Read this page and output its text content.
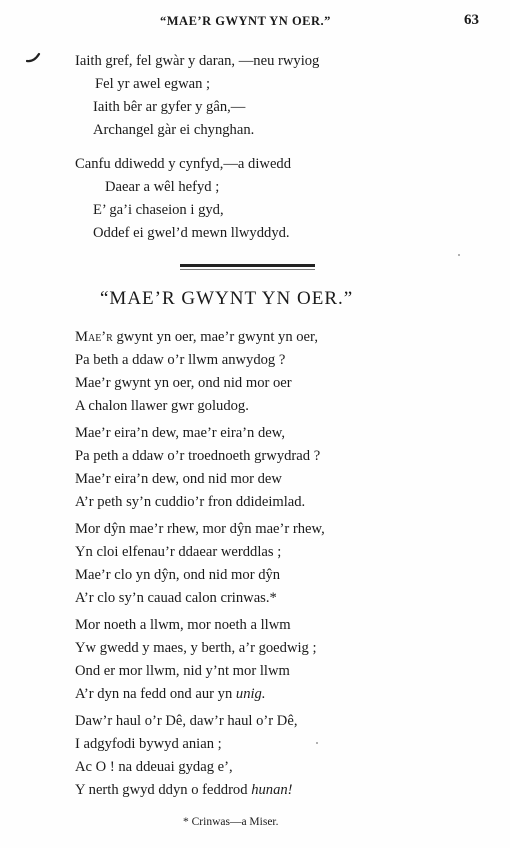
“MAE’R GWYNT YN OER.”	63
Iaith gref, fel gwàr y daran, —neu rwyiog
Fel yr awel egwan ;
Iaith bêr ar gyfer y gân,—
Archangel gàr ei chynghan.
Canfu ddiwedd y cynfyd,—a diwedd
Daear a wêl hefyd ;
E’ ga’i chaseion i gyd,
Oddef ei gwel’d mewn llwyddyd.
“MAE’R GWYNT YN OER.”
Mae’r gwynt yn oer, mae’r gwynt yn oer,
Pa beth a ddaw o’r llwm anwydog ?
Mae’r gwynt yn oer, ond nid mor oer
A chalon llawer gwr goludog.
Mae’r eira’n dew, mae’r eira’n dew,
Pa peth a ddaw o’r troednoeth grwydrad ?
Mae’r eira’n dew, ond nid mor dew
A’r peth sy’n cuddio’r fron ddideimlad.
Mor dŷn mae’r rhew, mor dŷn mae’r rhew,
Yn cloi elfenau’r ddaear werddlas ;
Mae’r clo yn dŷn, ond nid mor dŷn
A’r clo sy’n cauad calon crinwas.*
Mor noeth a llwm, mor noeth a llwm
Yw gwedd y maes, y berth, a’r goedwig ;
Ond er mor llwm, nid y’nt mor llwm
A’r dyn na fedd ond aur yn unig.
Daw’r haul o’r Dê, daw’r haul o’r Dê,
I adgyfodi bywyd anian ;
Ac O ! na ddeuai gydag e’,
Y nerth gwyd ddyn o feddrod hunan!
* Crinwas—a Miser.
